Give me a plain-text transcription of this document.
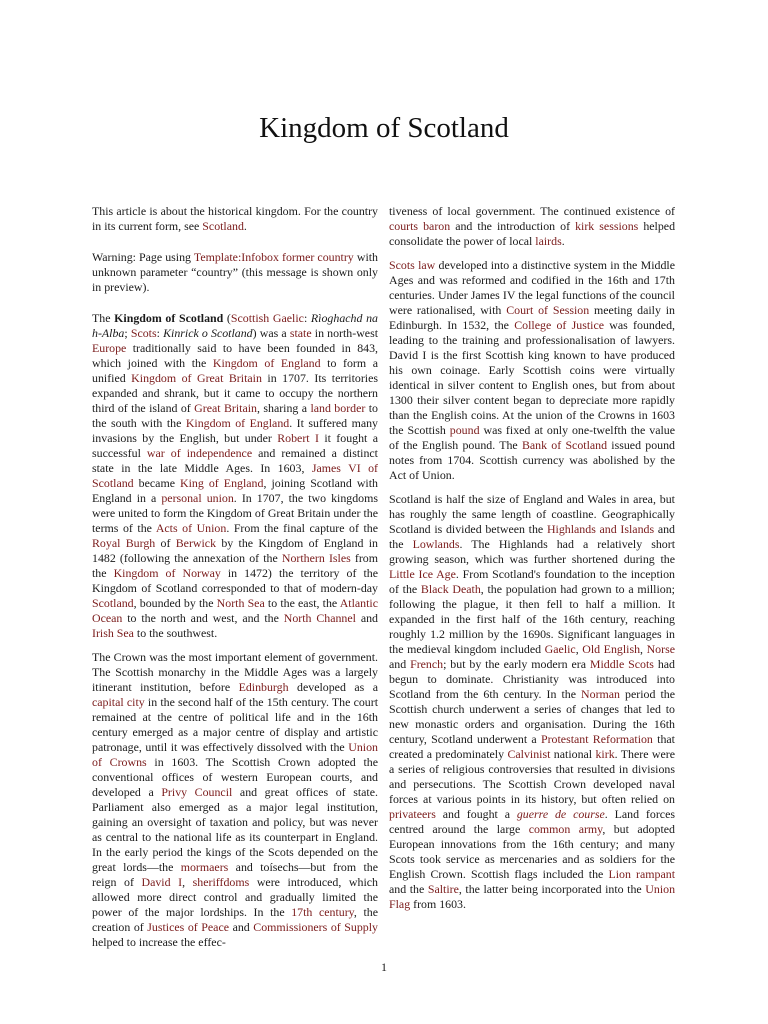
Kingdom of Scotland

This article is about the historical kingdom. For the country in its current form, see Scotland.

Warning: Page using Template:Infobox former country with unknown parameter “country” (this message is shown only in preview).

The Kingdom of Scotland (Scottish Gaelic: Rìoghachd na h-Alba; Scots: Kinrick o Scotland) was a state in north-west Europe traditionally said to have been founded in 843, which joined with the Kingdom of England to form a unified Kingdom of Great Britain in 1707. Its territories expanded and shrank, but it came to occupy the northern third of the island of Great Britain, sharing a land border to the south with the Kingdom of England. It suffered many invasions by the English, but under Robert I it fought a successful war of independence and remained a distinct state in the late Middle Ages. In 1603, James VI of Scotland became King of England, joining Scotland with England in a personal union. In 1707, the two kingdoms were united to form the Kingdom of Great Britain under the terms of the Acts of Union. From the final capture of the Royal Burgh of Berwick by the Kingdom of England in 1482 (following the annexation of the Northern Isles from the Kingdom of Norway in 1472) the territory of the Kingdom of Scotland corresponded to that of modern-day Scotland, bounded by the North Sea to the east, the Atlantic Ocean to the north and west, and the North Channel and Irish Sea to the southwest.

The Crown was the most important element of government. The Scottish monarchy in the Middle Ages was a largely itinerant institution, before Edinburgh developed as a capital city in the second half of the 15th century. The court remained at the centre of political life and in the 16th century emerged as a major centre of display and artistic patronage, until it was effectively dissolved with the Union of Crowns in 1603. The Scottish Crown adopted the conventional offices of western European courts, and developed a Privy Council and great offices of state. Parliament also emerged as a major legal institution, gaining an oversight of taxation and policy, but was never as central to the national life as its counterpart in England. In the early period the kings of the Scots depended on the great lords—the mormaers and toísechs—but from the reign of David I, sheriffdoms were introduced, which allowed more direct control and gradually limited the power of the major lordships. In the 17th century, the creation of Justices of Peace and Commissioners of Supply helped to increase the effec-

tiveness of local government. The continued existence of courts baron and the introduction of kirk sessions helped consolidate the power of local lairds.

Scots law developed into a distinctive system in the Middle Ages and was reformed and codified in the 16th and 17th centuries. Under James IV the legal functions of the council were rationalised, with Court of Session meeting daily in Edinburgh. In 1532, the College of Justice was founded, leading to the training and professionalisation of lawyers. David I is the first Scottish king known to have produced his own coinage. Early Scottish coins were virtually identical in silver content to English ones, but from about 1300 their silver content began to depreciate more rapidly than the English coins. At the union of the Crowns in 1603 the Scottish pound was fixed at only one-twelfth the value of the English pound. The Bank of Scotland issued pound notes from 1704. Scottish currency was abolished by the Act of Union.

Scotland is half the size of England and Wales in area, but has roughly the same length of coastline. Geographically Scotland is divided between the Highlands and Islands and the Lowlands. The Highlands had a relatively short growing season, which was further shortened during the Little Ice Age. From Scotland's foundation to the inception of the Black Death, the population had grown to a million; following the plague, it then fell to half a million. It expanded in the first half of the 16th century, reaching roughly 1.2 million by the 1690s. Significant languages in the medieval kingdom included Gaelic, Old English, Norse and French; but by the early modern era Middle Scots had begun to dominate. Christianity was introduced into Scotland from the 6th century. In the Norman period the Scottish church underwent a series of changes that led to new monastic orders and organisation. During the 16th century, Scotland underwent a Protestant Reformation that created a predominately Calvinist national kirk. There were a series of religious controversies that resulted in divisions and persecutions. The Scottish Crown developed naval forces at various points in its history, but often relied on privateers and fought a guerre de course. Land forces centred around the large common army, but adopted European innovations from the 16th century; and many Scots took service as mercenaries and as soldiers for the English Crown. Scottish flags included the Lion rampant and the Saltire, the latter being incorporated into the Union Flag from 1603.

1
